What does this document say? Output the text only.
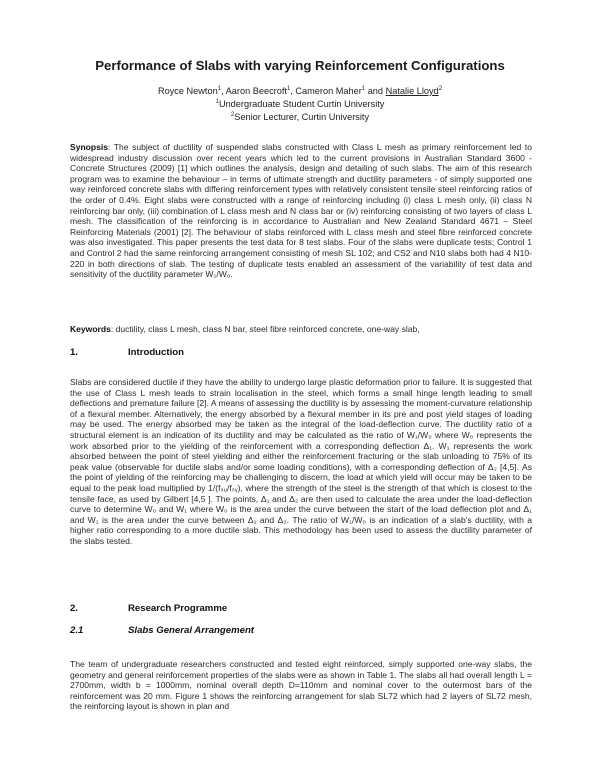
Performance of Slabs with varying Reinforcement Configurations
Royce Newton$^1$, Aaron Beecroft$^1$, Cameron Maher$^1$ and Natalie Lloyd$^2$
$^1$Undergraduate Student Curtin University
$^2$Senior Lecturer, Curtin University
Synopsis: The subject of ductility of suspended slabs constructed with Class L mesh as primary reinforcement led to widespread industry discussion over recent years which led to the current provisions in Australian Standard 3600 - Concrete Structures (2009) [1] which outlines the analysis, design and detailing of such slabs. The aim of this research program was to examine the behaviour – in terms of ultimate strength and ductility parameters - of simply supported one way reinforced concrete slabs with differing reinforcement types with relatively consistent tensile steel reinforcing ratios of the order of 0.4%. Eight slabs were constructed with a range of reinforcing including (i) class L mesh only, (ii) class N reinforcing bar only, (iii) combination of L class mesh and N class bar or (iv) reinforcing consisting of two layers of class L mesh. The classification of the reinforcing is in accordance to Australian and New Zealand Standard 4671 – Steel Reinforcing Materials (2001) [2]. The behaviour of slabs reinforced with L class mesh and steel fibre reinforced concrete was also investigated. This paper presents the test data for 8 test slabs. Four of the slabs were duplicate tests; Control 1 and Control 2 had the same reinforcing arrangement consisting of mesh SL 102; and CS2 and N10 slabs both had 4 N10-220 in both directions of slab. The testing of duplicate tests enabled an assessment of the variability of test data and sensitivity of the ductility parameter W₁/W₀.
Keywords: ductility, class L mesh, class N bar, steel fibre reinforced concrete, one-way slab,
1.	Introduction
Slabs are considered ductile if they have the ability to undergo large plastic deformation prior to failure. It is suggested that the use of Class L mesh leads to strain localisation in the steel, which forms a small hinge length leading to small deflections and premature failure [2]. A means of assessing the ductility is by assessing the moment-curvature relationship of a flexural member. Alternatively, the energy absorbed by a flexural member in its pre and post yield stages of loading may be used. The energy absorbed may be taken as the integral of the load-deflection curve. The ductility ratio of a structural element is an indication of its ductility and may be calculated as the ratio of W₁/W₀ where W₀ represents the work absorbed prior to the yielding of the reinforcement with a corresponding deflection Δ₁. W₁ represents the work absorbed between the point of steel yielding and either the reinforcement fracturing or the slab unloading to 75% of its peak value (observable for ductile slabs and/or some loading conditions), with a corresponding deflection of Δ₂ [4,5]. As the point of yielding of the reinforcing may be challenging to discern, the load at which yield will occur may be taken to be equal to the peak load multiplied by 1/(fₛᵤ/fₛᵧ), where the strength of the steel is the strength of that which is closest to the tensile face, as used by Gilbert [4,5 ]. The points, Δ₁ and Δ₂ are then used to calculate the area under the load-deflection curve to determine W₀ and W₁ where W₀ is the area under the curve between the start of the load deflection plot and Δ₁ and W₁ is the area under the curve between Δ₁ and Δ₂. The ratio of W₁/W₀ is an indication of a slab's ductility, with a higher ratio corresponding to a more ductile slab. This methodology has been used to assess the ductility parameter of the slabs tested.
2.	Research Programme
2.1	Slabs General Arrangement
The team of undergraduate researchers constructed and tested eight reinforced, simply supported one-way slabs, the geometry and general reinforcement properties of the slabs were as shown in Table 1. The slabs all had overall length L = 2700mm, width b = 1000mm, nominal overall depth D=110mm and nominal cover to the outermost bars of the reinforcement was 20 mm. Figure 1 shows the reinforcing arrangement for slab SL72 which had 2 layers of SL72 mesh, the reinforcing layout is shown in plan and
